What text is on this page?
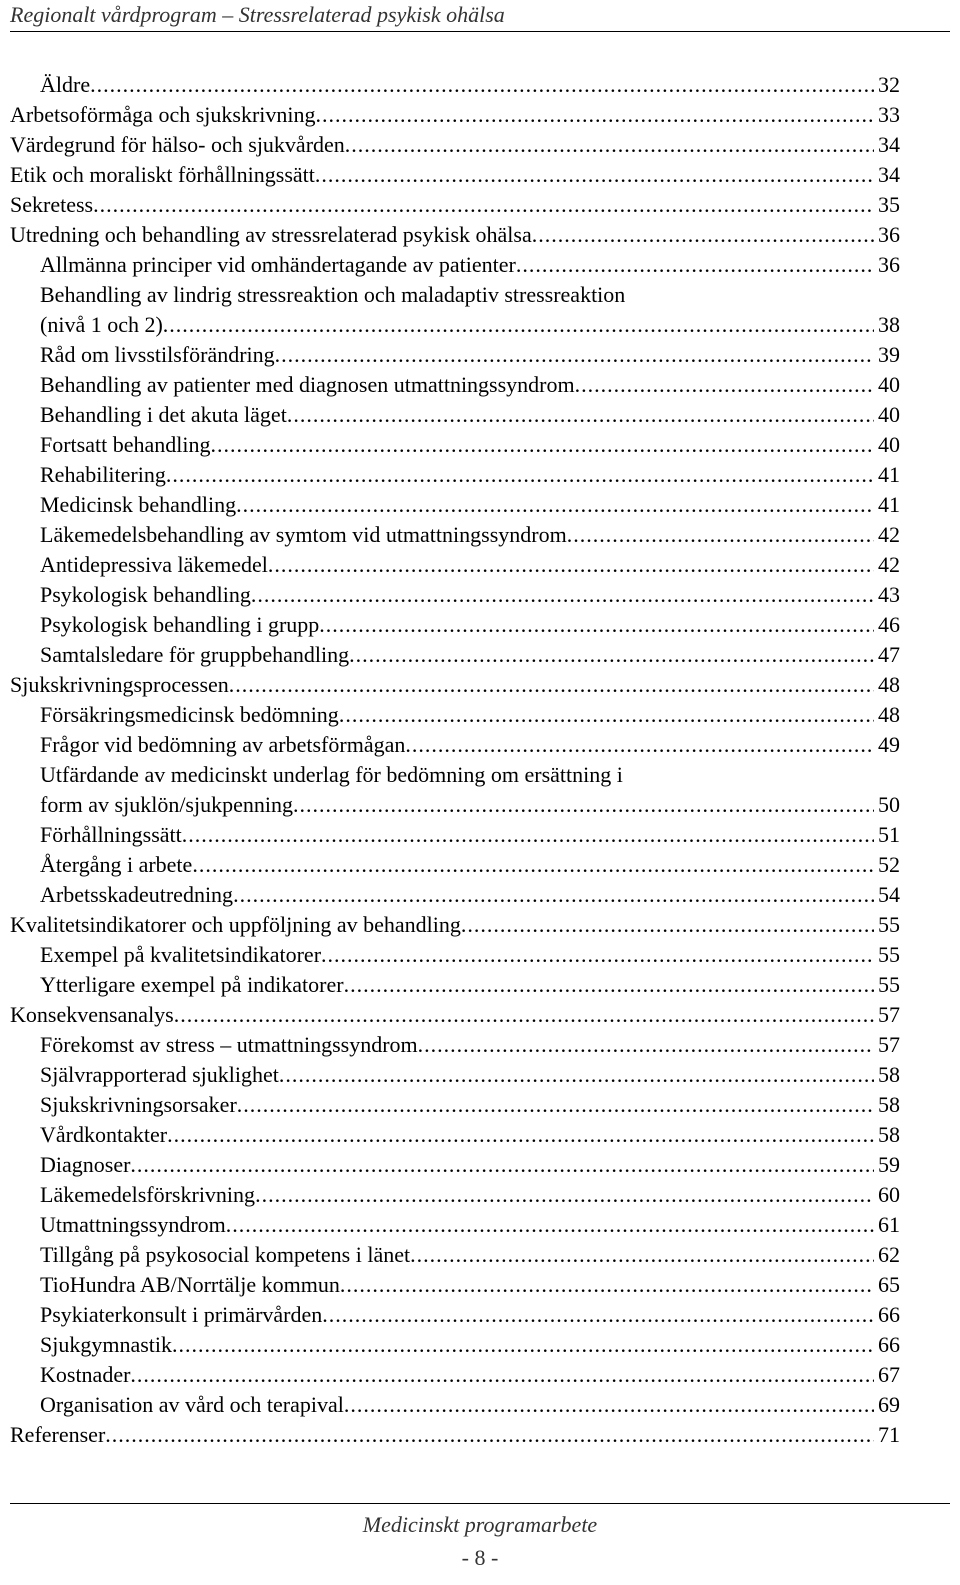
Regionalt vårdprogram – Stressrelaterad psykisk ohälsa
Äldre .....	32
Arbetsoförmåga och sjukskrivning .....	33
Värdegrund för hälso- och sjukvården .....	34
Etik och moraliskt förhållningssätt .....	34
Sekretess .....	35
Utredning och behandling av stressrelaterad psykisk ohälsa .....	36
Allmänna principer vid omhändertagande av patienter .....	36
Behandling av lindrig stressreaktion och maladaptiv stressreaktion
(nivå 1 och 2) .....	38
Råd om livsstilsförändring .....	39
Behandling av patienter med diagnosen utmattningssyndrom .....	40
Behandling i det akuta läget .....	40
Fortsatt behandling .....	40
Rehabilitering .....	41
Medicinsk behandling .....	41
Läkemedelsbehandling av symtom vid utmattningssyndrom .....	42
Antidepressiva läkemedel .....	42
Psykologisk behandling .....	43
Psykologisk behandling i grupp .....	46
Samtalsledare för gruppbehandling .....	47
Sjukskrivningsprocessen .....	48
Försäkringsmedicinsk bedömning .....	48
Frågor vid bedömning av arbetsförmågan .....	49
Utfärdande av medicinskt underlag för bedömning om ersättning i
form av sjuklön/sjukpenning .....	50
Förhållningssätt .....	51
Återgång i arbete .....	52
Arbetsskadeutredning .....	54
Kvalitetsindikatorer och uppföljning av behandling .....	55
Exempel på kvalitetsindikatorer .....	55
Ytterligare exempel på indikatorer .....	55
Konsekvensanalys .....	57
Förekomst av stress – utmattningssyndrom .....	57
Självrapporterad sjuklighet .....	58
Sjukskrivningsorsaker .....	58
Vårdkontakter .....	58
Diagnoser .....	59
Läkemedelsförskrivning .....	60
Utmattningssyndrom .....	61
Tillgång på psykosocial kompetens i länet .....	62
TioHundra AB/Norrtälje kommun .....	65
Psykiaterkonsult i primärvården .....	66
Sjukgymnastik .....	66
Kostnader .....	67
Organisation av vård och terapival .....	69
Referenser .....	71
Medicinskt programarbete
- 8 -
